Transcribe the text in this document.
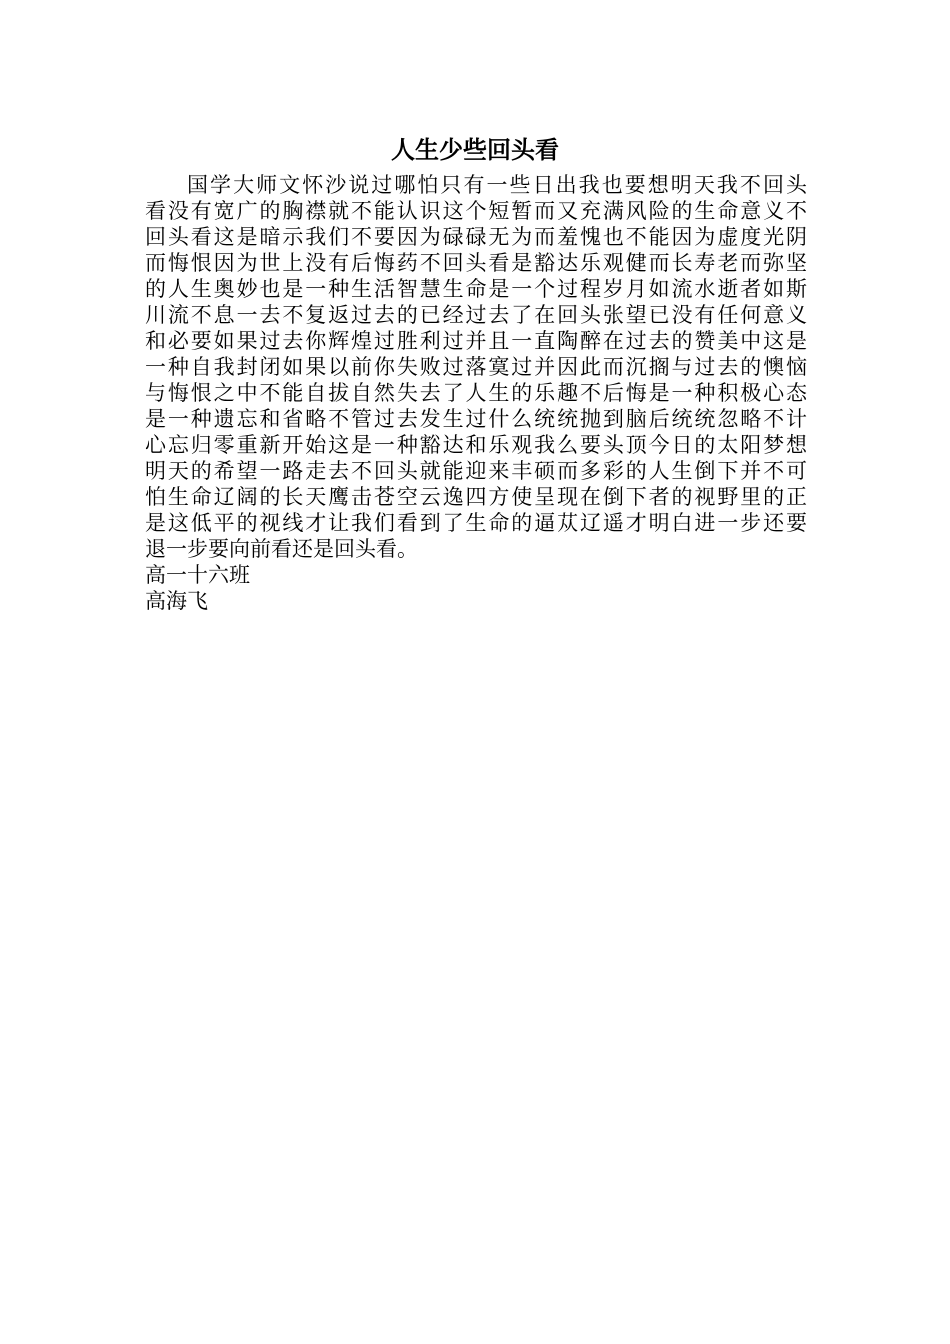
人生少些回头看
国学大师文怀沙说过哪怕只有一些日出我也要想明天我不回头
看没有宽广的胸襟就不能认识这个短暂而又充满风险的生命意义不
回头看这是暗示我们不要因为碌碌无为而羞愧也不能因为虚度光阴
而悔恨因为世上没有后悔药不回头看是豁达乐观健而长寿老而弥坚
的人生奥妙也是一种生活智慧生命是一个过程岁月如流水逝者如斯
川流不息一去不复返过去的已经过去了在回头张望已没有任何意义
和必要如果过去你辉煌过胜利过并且一直陶醉在过去的赞美中这是
一种自我封闭如果以前你失败过落寞过并因此而沉搁与过去的懊恼
与悔恨之中不能自拔自然失去了人生的乐趣不后悔是一种积极心态
是一种遗忘和省略不管过去发生过什么统统抛到脑后统统忽略不计
心忘归零重新开始这是一种豁达和乐观我么要头顶今日的太阳梦想
明天的希望一路走去不回头就能迎来丰硕而多彩的人生倒下并不可
怕生命辽阔的长天鹰击苍空云逸四方使呈现在倒下者的视野里的正
是这低平的视线才让我们看到了生命的逼苁辽遥才明白进一步还要
退一步要向前看还是回头看。
高一十六班
高海飞
